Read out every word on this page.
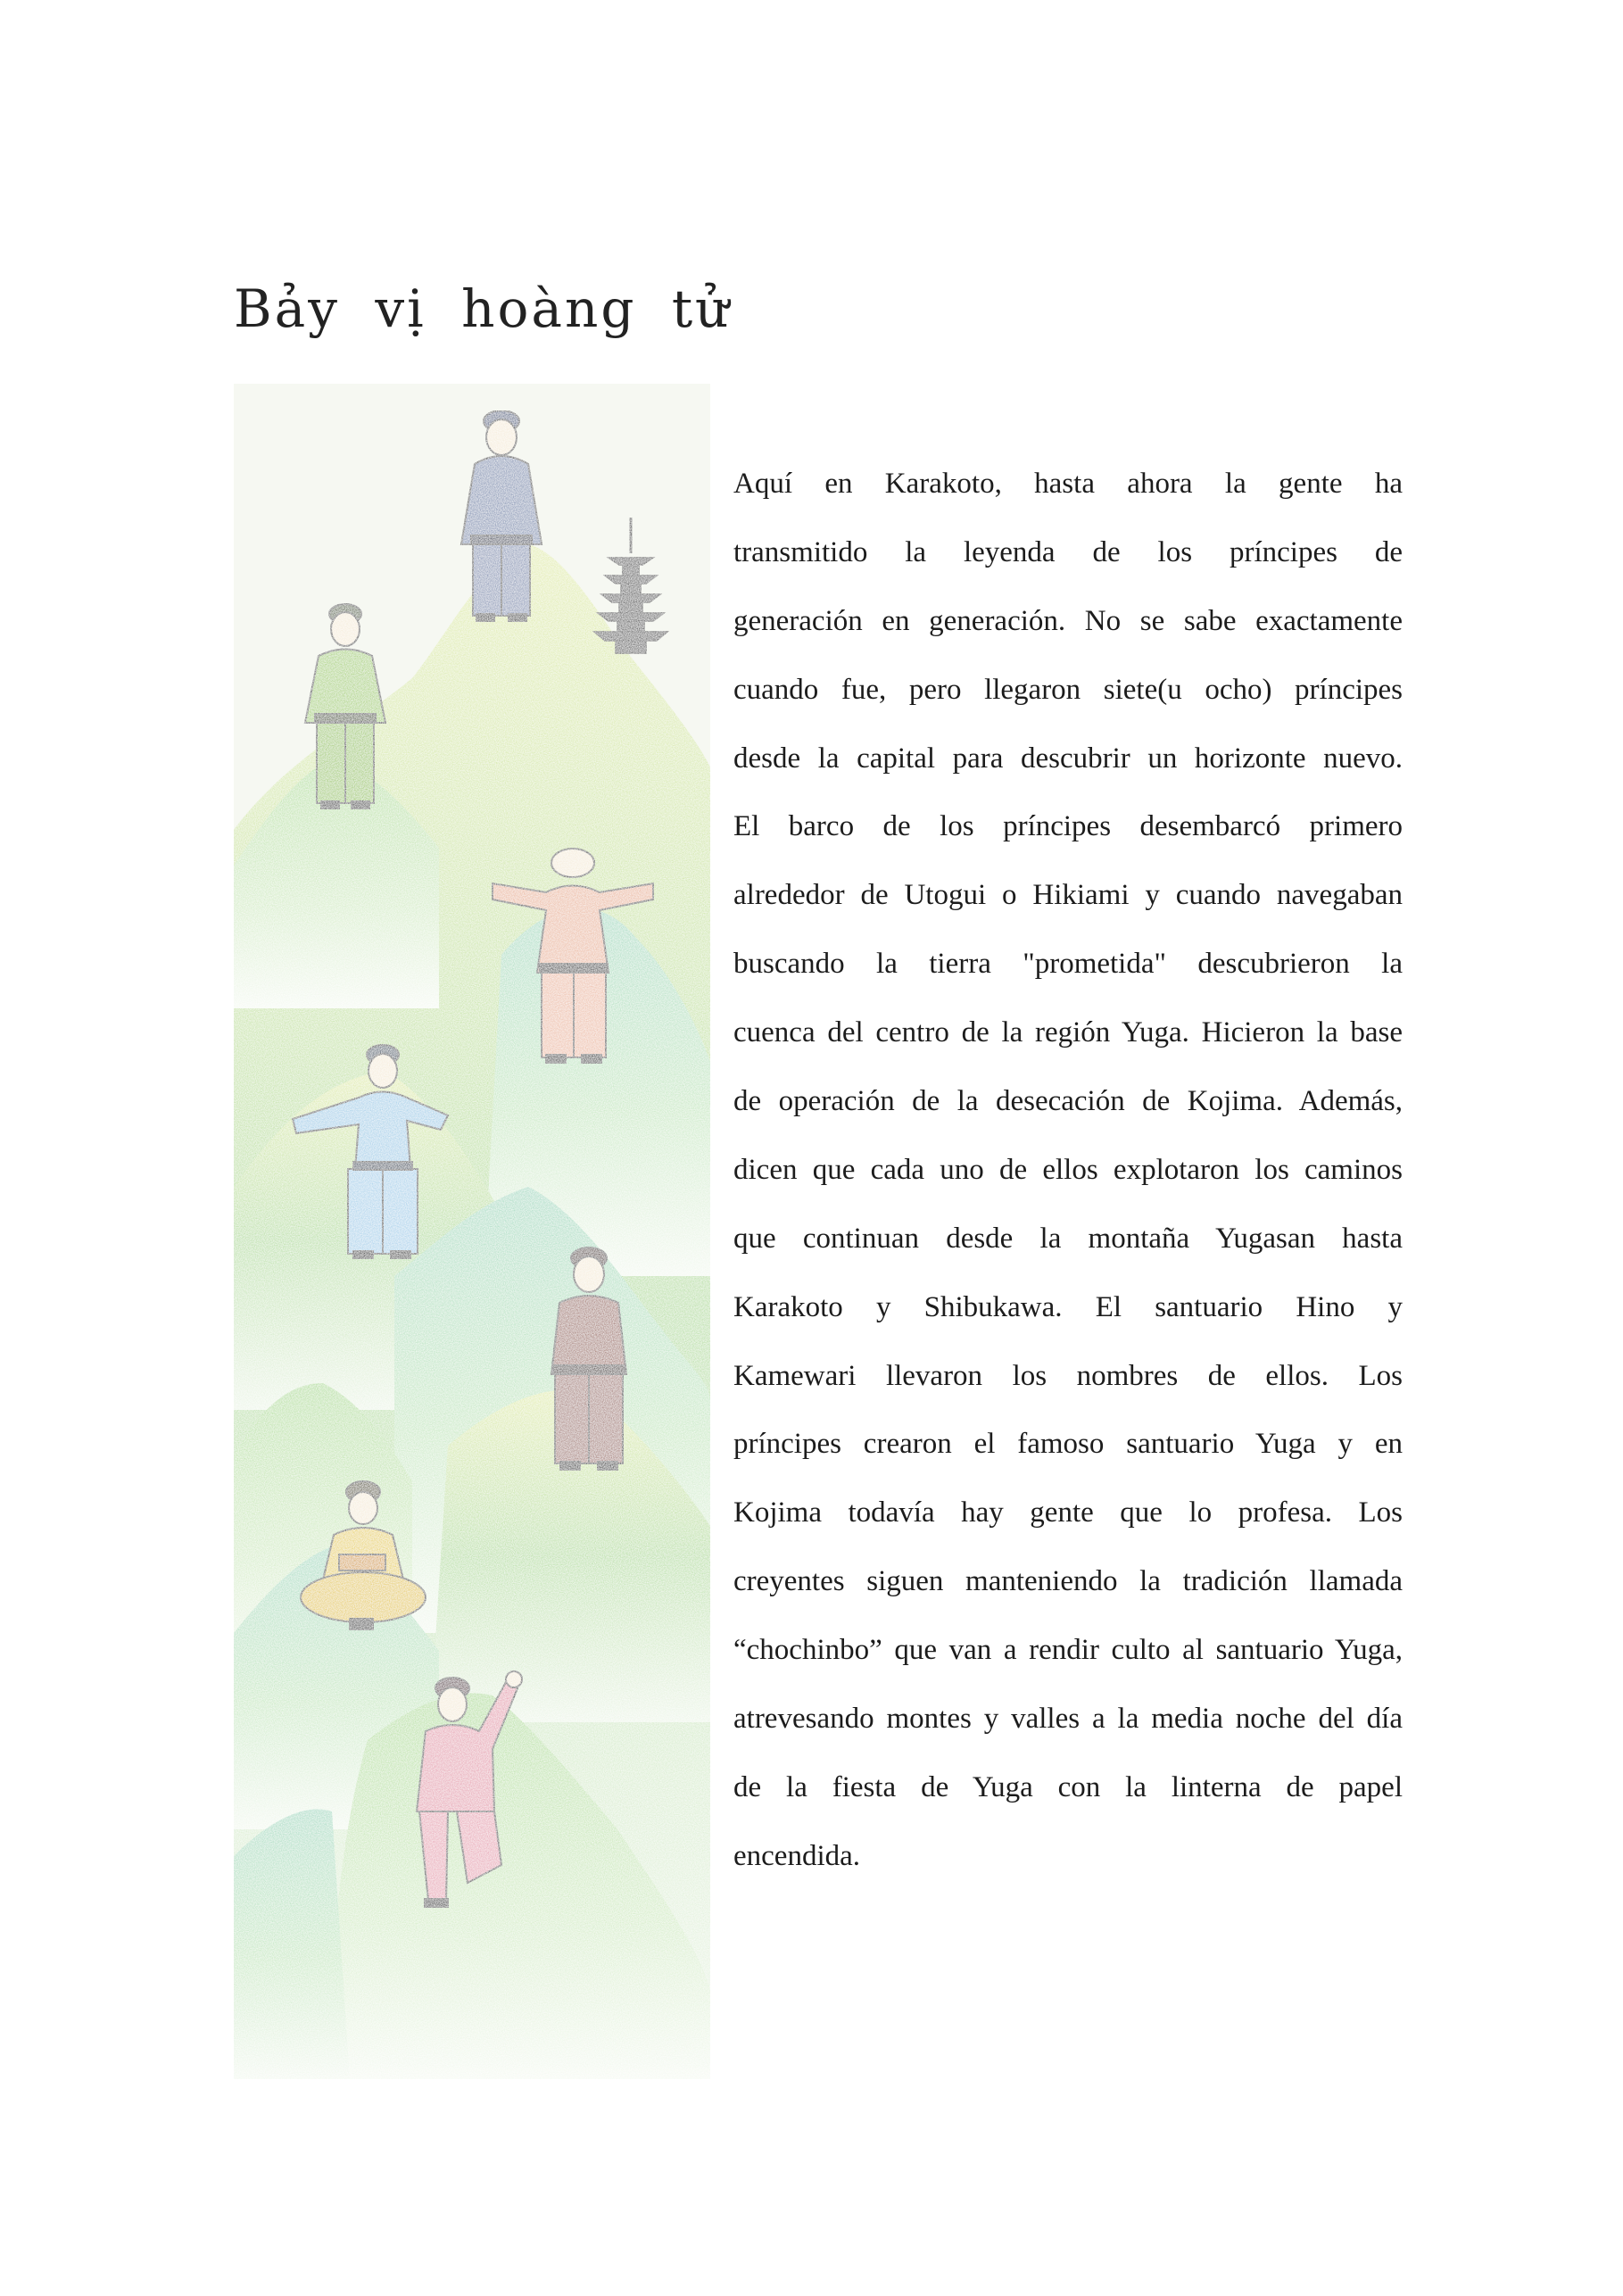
Bảy vị hoàng tử
Aquí en Karakoto, hasta ahora la gente ha
transmitido la leyenda de los príncipes de
generación en generación. No se sabe exactamente
cuando fue, pero llegaron siete(u ocho) príncipes
desde la capital para descubrir un horizonte nuevo.
El barco de los príncipes desembarcó primero
alrededor de Utogui o Hikiami y cuando navegaban
buscando la tierra "prometida" descubrieron la
cuenca del centro de la región Yuga. Hicieron la base
de operación de la desecación de Kojima. Además,
dicen que cada uno de ellos explotaron los caminos
que continuan desde la montaña Yugasan hasta
Karakoto y Shibukawa. El santuario Hino y
Kamewari llevaron los nombres de ellos. Los
príncipes crearon el famoso santuario Yuga y en
Kojima todavía hay gente que lo profesa. Los
creyentes siguen manteniendo la tradición llamada
“chochinbo” que van a rendir culto al santuario Yuga,
atrevesando montes y valles a la media noche del día
de la fiesta de Yuga con la linterna de papel
encendida.
